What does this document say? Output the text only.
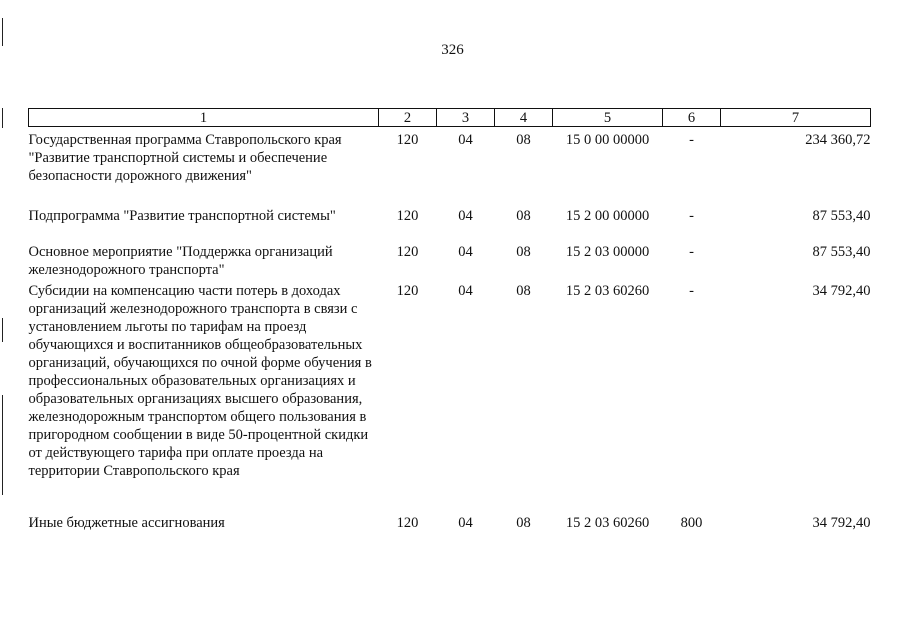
326
1	2	3	4	5	6	7
Государственная программа Ставропольского края "Развитие транспортной системы и обеспечение безопасности дорожного движения"	120	04	08	15 0 00 00000	-	234 360,72
Подпрограмма "Развитие транспортной системы"	120	04	08	15 2 00 00000	-	87 553,40
Основное мероприятие "Поддержка организаций железнодорожного транспорта"	120	04	08	15 2 03 00000	-	87 553,40
Субсидии на компенсацию части потерь в доходах организаций железнодорожного транспорта в связи с установлением льготы по тарифам на проезд обучающихся и воспитанников общеобразовательных организаций, обучающихся по очной форме обучения в профессиональных образовательных организациях и образовательных организациях высшего образования, железнодорожным транспортом общего пользования в пригородном сообщении в виде 50-процентной скидки от действующего тарифа при оплате проезда на территории Ставропольского края	120	04	08	15 2 03 60260	-	34 792,40
Иные бюджетные ассигнования	120	04	08	15 2 03 60260	800	34 792,40
